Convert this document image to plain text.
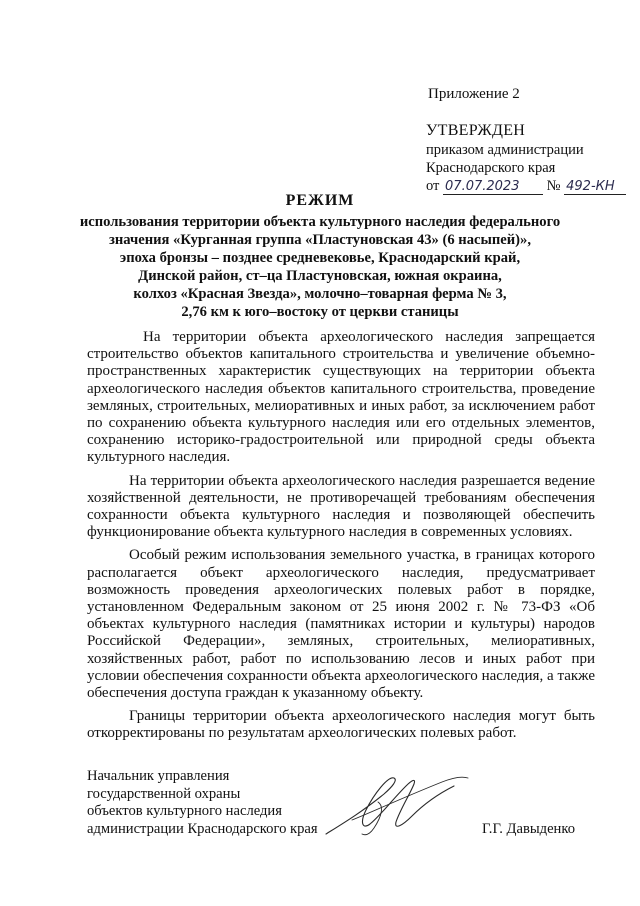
Приложение 2
УТВЕРЖДЕН
приказом администрации
Краснодарского края
от 07.07.2023 № 492-КН
РЕЖИМ
использования территории объекта культурного наследия федерального
значения «Курганная группа «Пластуновская 43» (6 насыпей)»,
эпоха бронзы – позднее средневековье, Краснодарский край,
Динской район, ст–ца Пластуновская, южная окраина,
колхоз «Красная Звезда», молочно–товарная ферма № 3,
2,76 км к юго–востоку от церкви станицы

На территории объекта археологического наследия запрещается строительство объектов капитального строительства и увеличение объемно-пространственных характеристик существующих на территории объекта археологического наследия объектов капитального строительства, проведение земляных, строительных, мелиоративных и иных работ, за исключением работ по сохранению объекта культурного наследия или его отдельных элементов, сохранению историко-градостроительной или природной среды объекта культурного наследия.

На территории объекта археологического наследия разрешается ведение хозяйственной деятельности, не противоречащей требованиям обеспечения сохранности объекта культурного наследия и позволяющей обеспечить функционирование объекта культурного наследия в современных условиях.

Особый режим использования земельного участка, в границах которого располагается объект археологического наследия, предусматривает возможность проведения археологических полевых работ в порядке, установленном Федеральным законом от 25 июня 2002 г. № 73-ФЗ «Об объектах культурного наследия (памятниках истории и культуры) народов Российской Федерации», земляных, строительных, мелиоративных, хозяйственных работ, работ по использованию лесов и иных работ при условии обеспечения сохранности объекта археологического наследия, а также обеспечения доступа граждан к указанному объекту.

Границы территории объекта археологического наследия могут быть откорректированы по результатам археологических полевых работ.

Начальник управления
государственной охраны
объектов культурного наследия
администрации Краснодарского края	Г.Г. Давыденко
